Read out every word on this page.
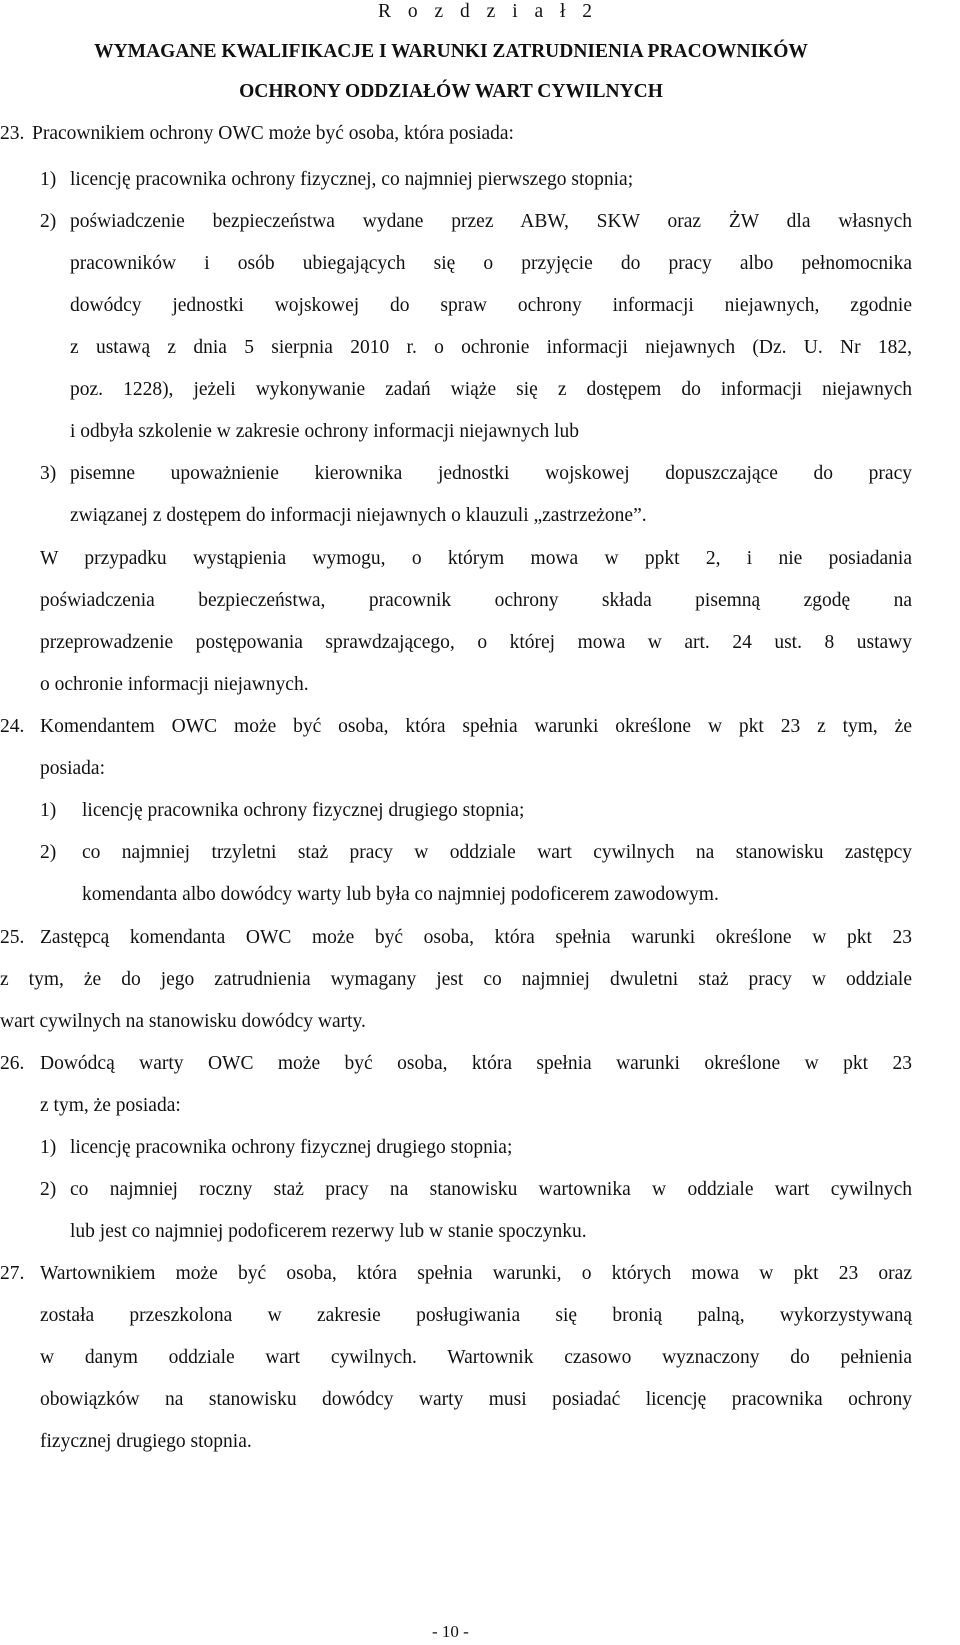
R o z d z i a ł 2
WYMAGANE KWALIFIKACJE I WARUNKI ZATRUDNIENIA PRACOWNIKÓW
OCHRONY ODDZIAŁÓW WART CYWILNYCH
23. Pracownikiem ochrony OWC może być osoba, która posiada:
1) licencję pracownika ochrony fizycznej, co najmniej pierwszego stopnia;
2) poświadczenie bezpieczeństwa wydane przez ABW, SKW oraz ŻW dla własnych
pracowników i osób ubiegających się o przyjęcie do pracy albo pełnomocnika
dowódcy jednostki wojskowej do spraw ochrony informacji niejawnych, zgodnie
z ustawą z dnia 5 sierpnia 2010 r. o ochronie informacji niejawnych (Dz. U. Nr 182,
poz. 1228), jeżeli wykonywanie zadań wiąże się z dostępem do informacji niejawnych
i odbyła szkolenie w zakresie ochrony informacji niejawnych lub
3) pisemne upoważnienie kierownika jednostki wojskowej dopuszczające do pracy
związanej z dostępem do informacji niejawnych o klauzuli „zastrzeżone”.
W przypadku wystąpienia wymogu, o którym mowa w ppkt 2, i nie posiadania
poświadczenia bezpieczeństwa, pracownik ochrony składa pisemną zgodę na
przeprowadzenie postępowania sprawdzającego, o której mowa w art. 24 ust. 8 ustawy
o ochronie informacji niejawnych.
24. Komendantem OWC może być osoba, która spełnia warunki określone w pkt 23 z tym, że
posiada:
1) licencję pracownika ochrony fizycznej drugiego stopnia;
2) co najmniej trzyletni staż pracy w oddziale wart cywilnych na stanowisku zastępcy
komendanta albo dowódcy warty lub była co najmniej podoficerem zawodowym.
25. Zastępcą komendanta OWC może być osoba, która spełnia warunki określone w pkt 23
z tym, że do jego zatrudnienia wymagany jest co najmniej dwuletni staż pracy w oddziale
wart cywilnych na stanowisku dowódcy warty.
26. Dowódcą warty OWC może być osoba, która spełnia warunki określone w pkt 23
z tym, że posiada:
1) licencję pracownika ochrony fizycznej drugiego stopnia;
2) co najmniej roczny staż pracy na stanowisku wartownika w oddziale wart cywilnych
lub jest co najmniej podoficerem rezerwy lub w stanie spoczynku.
27. Wartownikiem może być osoba, która spełnia warunki, o których mowa w pkt 23 oraz
została przeszkolona w zakresie posługiwania się bronią palną, wykorzystywaną
w danym oddziale wart cywilnych. Wartownik czasowo wyznaczony do pełnienia
obowiązków na stanowisku dowódcy warty musi posiadać licencję pracownika ochrony
fizycznej drugiego stopnia.
- 10 -
